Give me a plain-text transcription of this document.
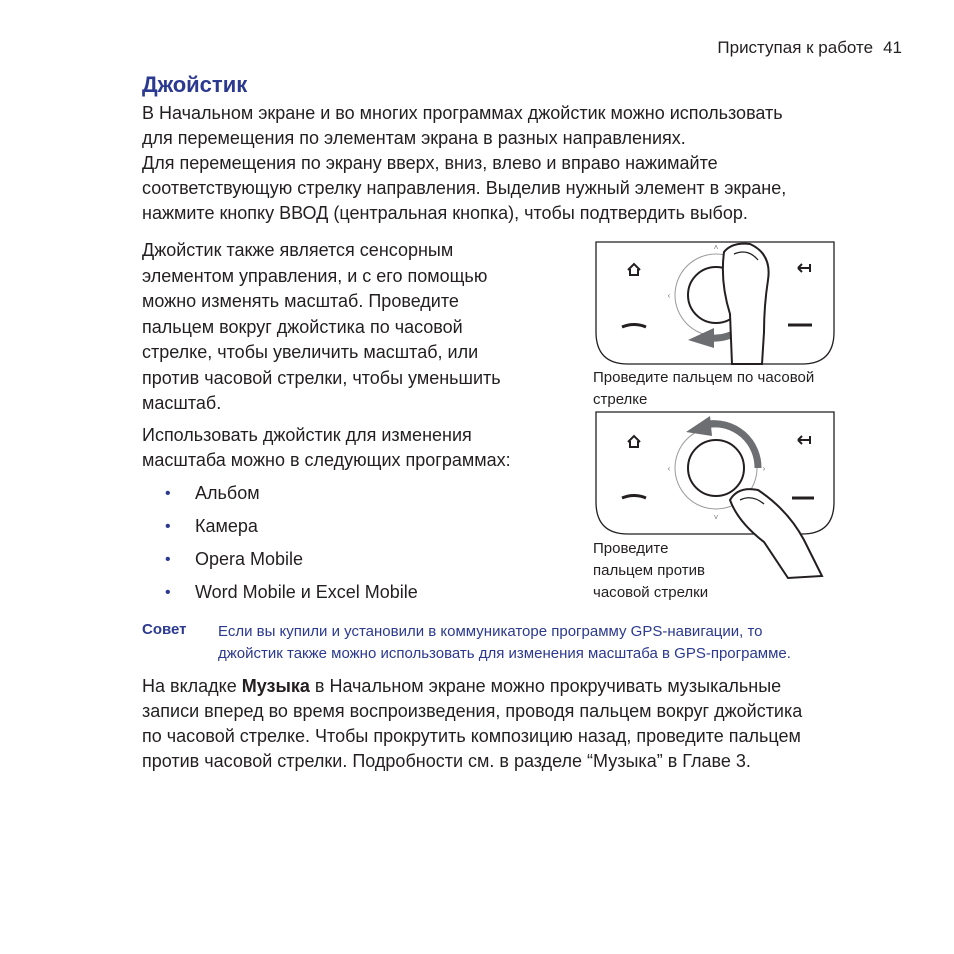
Приступая к работе 41
Джойстик
В Начальном экране и во многих программах джойстик можно использовать
для перемещения по элементам экрана в разных направлениях.
Для перемещения по экрану вверх, вниз, влево и вправо нажимайте
соответствующую стрелку направления. Выделив нужный элемент в экране,
нажмите кнопку ВВОД (центральная кнопка), чтобы подтвердить выбор.
Джойстик также является сенсорным
элементом управления, и с его помощью
можно изменять масштаб. Проведите
пальцем вокруг джойстика по часовой
стрелке, чтобы увеличить масштаб, или
против часовой стрелки, чтобы уменьшить
масштаб.
Использовать джойстик для изменения
масштаба можно в следующих программах:
• Альбом
• Камера
• Opera Mobile
• Word Mobile и Excel Mobile
˄
‹
Проведите пальцем по часовой
стрелке
‹	›
˅
Проведите
пальцем против
часовой стрелки
Совет Если вы купили и установили в коммуникаторе программу GPS-навигации, то
джойстик также можно использовать для изменения масштаба в GPS-программе.
На вкладке Музыка в Начальном экране можно прокручивать музыкальные
записи вперед во время воспроизведения, проводя пальцем вокруг джойстика
по часовой стрелке. Чтобы прокрутить композицию назад, проведите пальцем
против часовой стрелки. Подробности см. в разделе “Музыка” в Главе 3.
